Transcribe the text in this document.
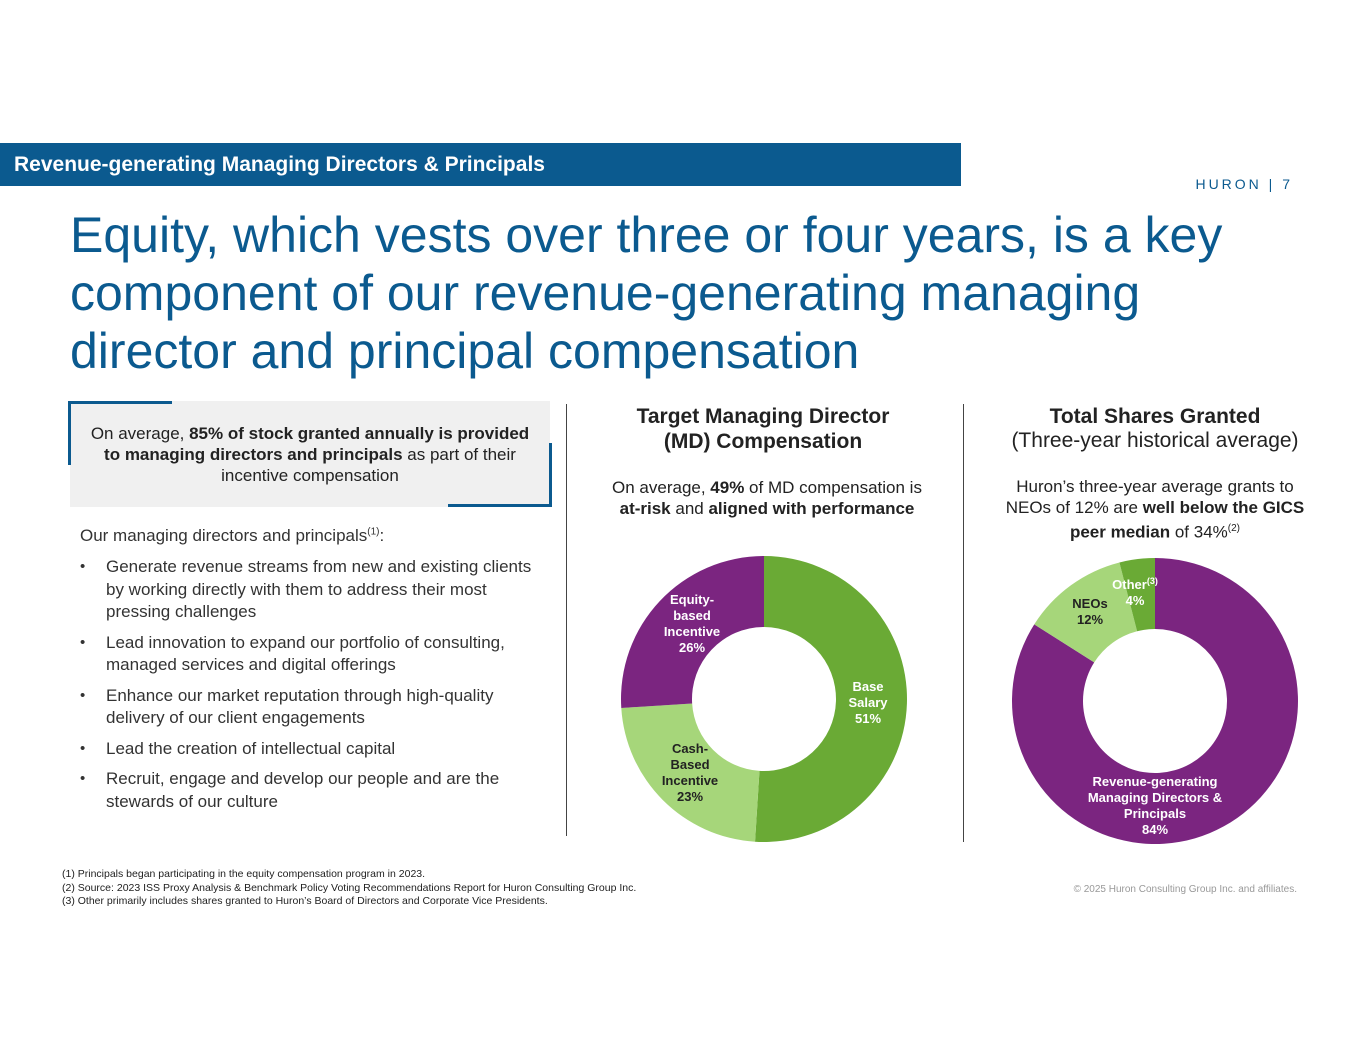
Revenue-generating Managing Directors & Principals
HURON | 7
Equity, which vests over three or four years, is a key component of our revenue-generating managing director and principal compensation
On average, 85% of stock granted annually is provided to managing directors and principals as part of their incentive compensation
Our managing directors and principals$^{(1)}$:
• Generate revenue streams from new and existing clients by working directly with them to address their most pressing challenges
• Lead innovation to expand our portfolio of consulting, managed services and digital offerings
• Enhance our market reputation through high-quality delivery of our client engagements
• Lead the creation of intellectual capital
• Recruit, engage and develop our people and are the stewards of our culture
Target Managing Director
(MD) Compensation
On average, 49% of MD compensation is
at-risk and aligned with performance
Base Salary 51%
Cash-Based Incentive 23%
Equity-based Incentive 26%
Total Shares Granted
(Three-year historical average)
Huron’s three-year average grants to
NEOs of 12% are well below the GICS
peer median of 34%$^{(2)}$
Revenue-generating Managing Directors & Principals 84%
NEOs 12%
Other$^{(3)}$ 4%
(1) Principals began participating in the equity compensation program in 2023.
(2) Source: 2023 ISS Proxy Analysis & Benchmark Policy Voting Recommendations Report for Huron Consulting Group Inc.
(3) Other primarily includes shares granted to Huron’s Board of Directors and Corporate Vice Presidents.
© 2025 Huron Consulting Group Inc. and affiliates.
